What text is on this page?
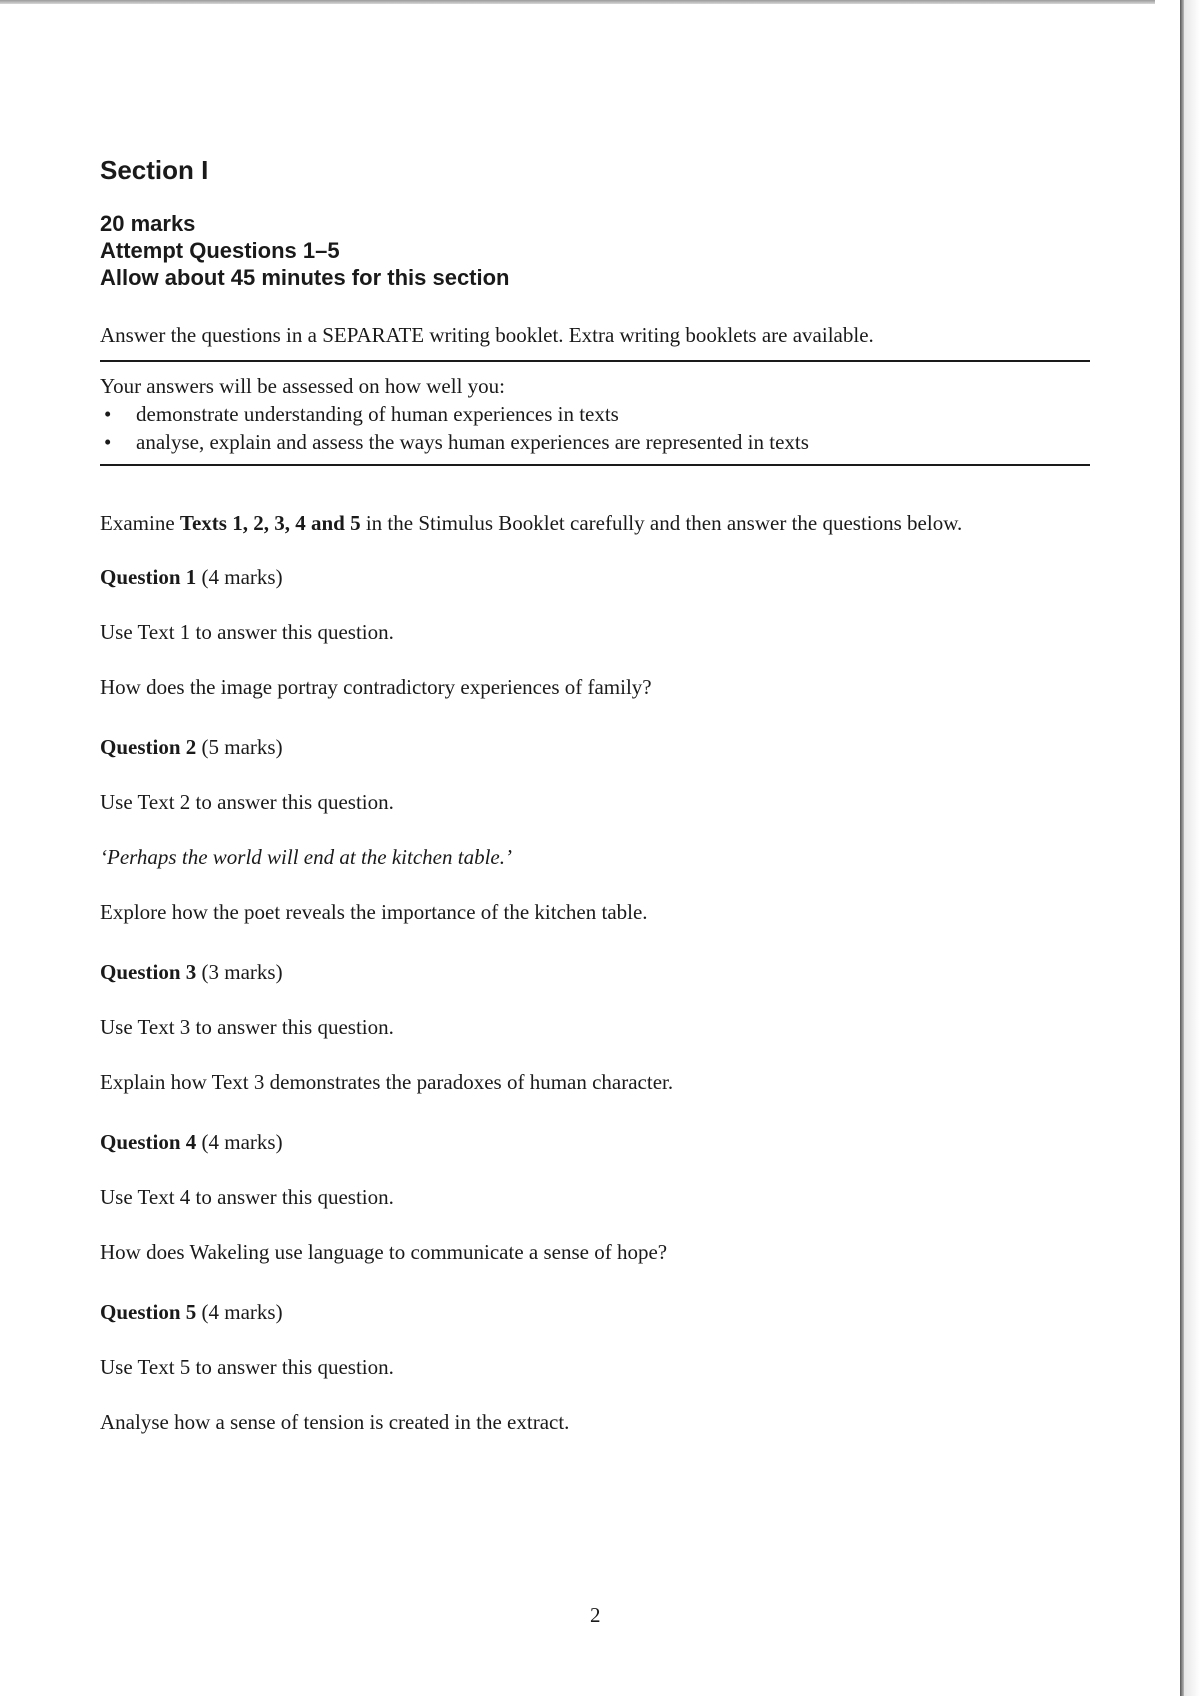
Section I
20 marks
Attempt Questions 1–5
Allow about 45 minutes for this section
Answer the questions in a SEPARATE writing booklet. Extra writing booklets are available.
Your answers will be assessed on how well you:
• demonstrate understanding of human experiences in texts
• analyse, explain and assess the ways human experiences are represented in texts
Examine Texts 1, 2, 3, 4 and 5 in the Stimulus Booklet carefully and then answer the questions below.
Question 1 (4 marks)
Use Text 1 to answer this question.
How does the image portray contradictory experiences of family?
Question 2 (5 marks)
Use Text 2 to answer this question.
‘Perhaps the world will end at the kitchen table.’
Explore how the poet reveals the importance of the kitchen table.
Question 3 (3 marks)
Use Text 3 to answer this question.
Explain how Text 3 demonstrates the paradoxes of human character.
Question 4 (4 marks)
Use Text 4 to answer this question.
How does Wakeling use language to communicate a sense of hope?
Question 5 (4 marks)
Use Text 5 to answer this question.
Analyse how a sense of tension is created in the extract.
2
